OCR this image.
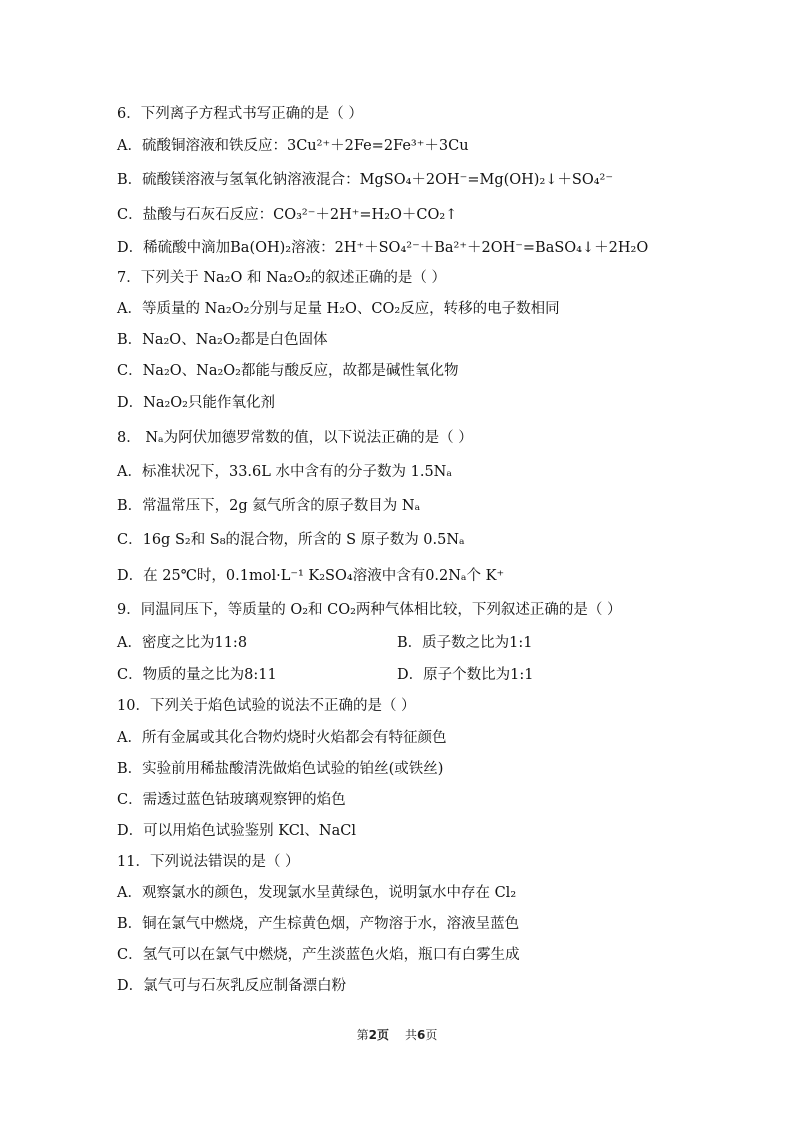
6．下列离子方程式书写正确的是（ ）
A．硫酸铜溶液和铁反应：3Cu²⁺＋2Fe=2Fe³⁺＋3Cu
B．硫酸镁溶液与氢氧化钠溶液混合：MgSO₄＋2OH⁻=Mg(OH)₂↓＋SO₄²⁻
C．盐酸与石灰石反应：CO₃²⁻＋2H⁺=H₂O＋CO₂↑
D．稀硫酸中滴加Ba(OH)₂溶液：2H⁺＋SO₄²⁻＋Ba²⁺＋2OH⁻=BaSO₄↓＋2H₂O
7．下列关于 Na₂O 和 Na₂O₂的叙述正确的是（ ）
A．等质量的 Na₂O₂分别与足量 H₂O、CO₂反应，转移的电子数相同
B．Na₂O、Na₂O₂都是白色固体
C．Na₂O、Na₂O₂都能与酸反应，故都是碱性氧化物
D．Na₂O₂只能作氧化剂
8． Nₐ为阿伏加德罗常数的值，以下说法正确的是（ ）
A．标准状况下，33.6L 水中含有的分子数为 1.5Nₐ
B．常温常压下，2g 氦气所含的原子数目为 Nₐ
C．16g S₂和 S₈的混合物，所含的 S 原子数为 0.5Nₐ
D．在 25℃时，0.1mol·L⁻¹ K₂SO₄溶液中含有0.2Nₐ个 K⁺
9．同温同压下，等质量的 O₂和 CO₂两种气体相比较，下列叙述正确的是（ ）
A．密度之比为11:8	B．质子数之比为1:1
C．物质的量之比为8:11	D．原子个数比为1:1
10．下列关于焰色试验的说法不正确的是（ ）
A．所有金属或其化合物灼烧时火焰都会有特征颜色
B．实验前用稀盐酸清洗做焰色试验的铂丝(或铁丝)
C．需透过蓝色钴玻璃观察钾的焰色
D．可以用焰色试验鉴别 KCl、NaCl
11．下列说法错误的是（ ）
A．观察氯水的颜色，发现氯水呈黄绿色，说明氯水中存在 Cl₂
B．铜在氯气中燃烧，产生棕黄色烟，产物溶于水，溶液呈蓝色
C．氢气可以在氯气中燃烧，产生淡蓝色火焰，瓶口有白雾生成
D．氯气可与石灰乳反应制备漂白粉
第2页 共6页
